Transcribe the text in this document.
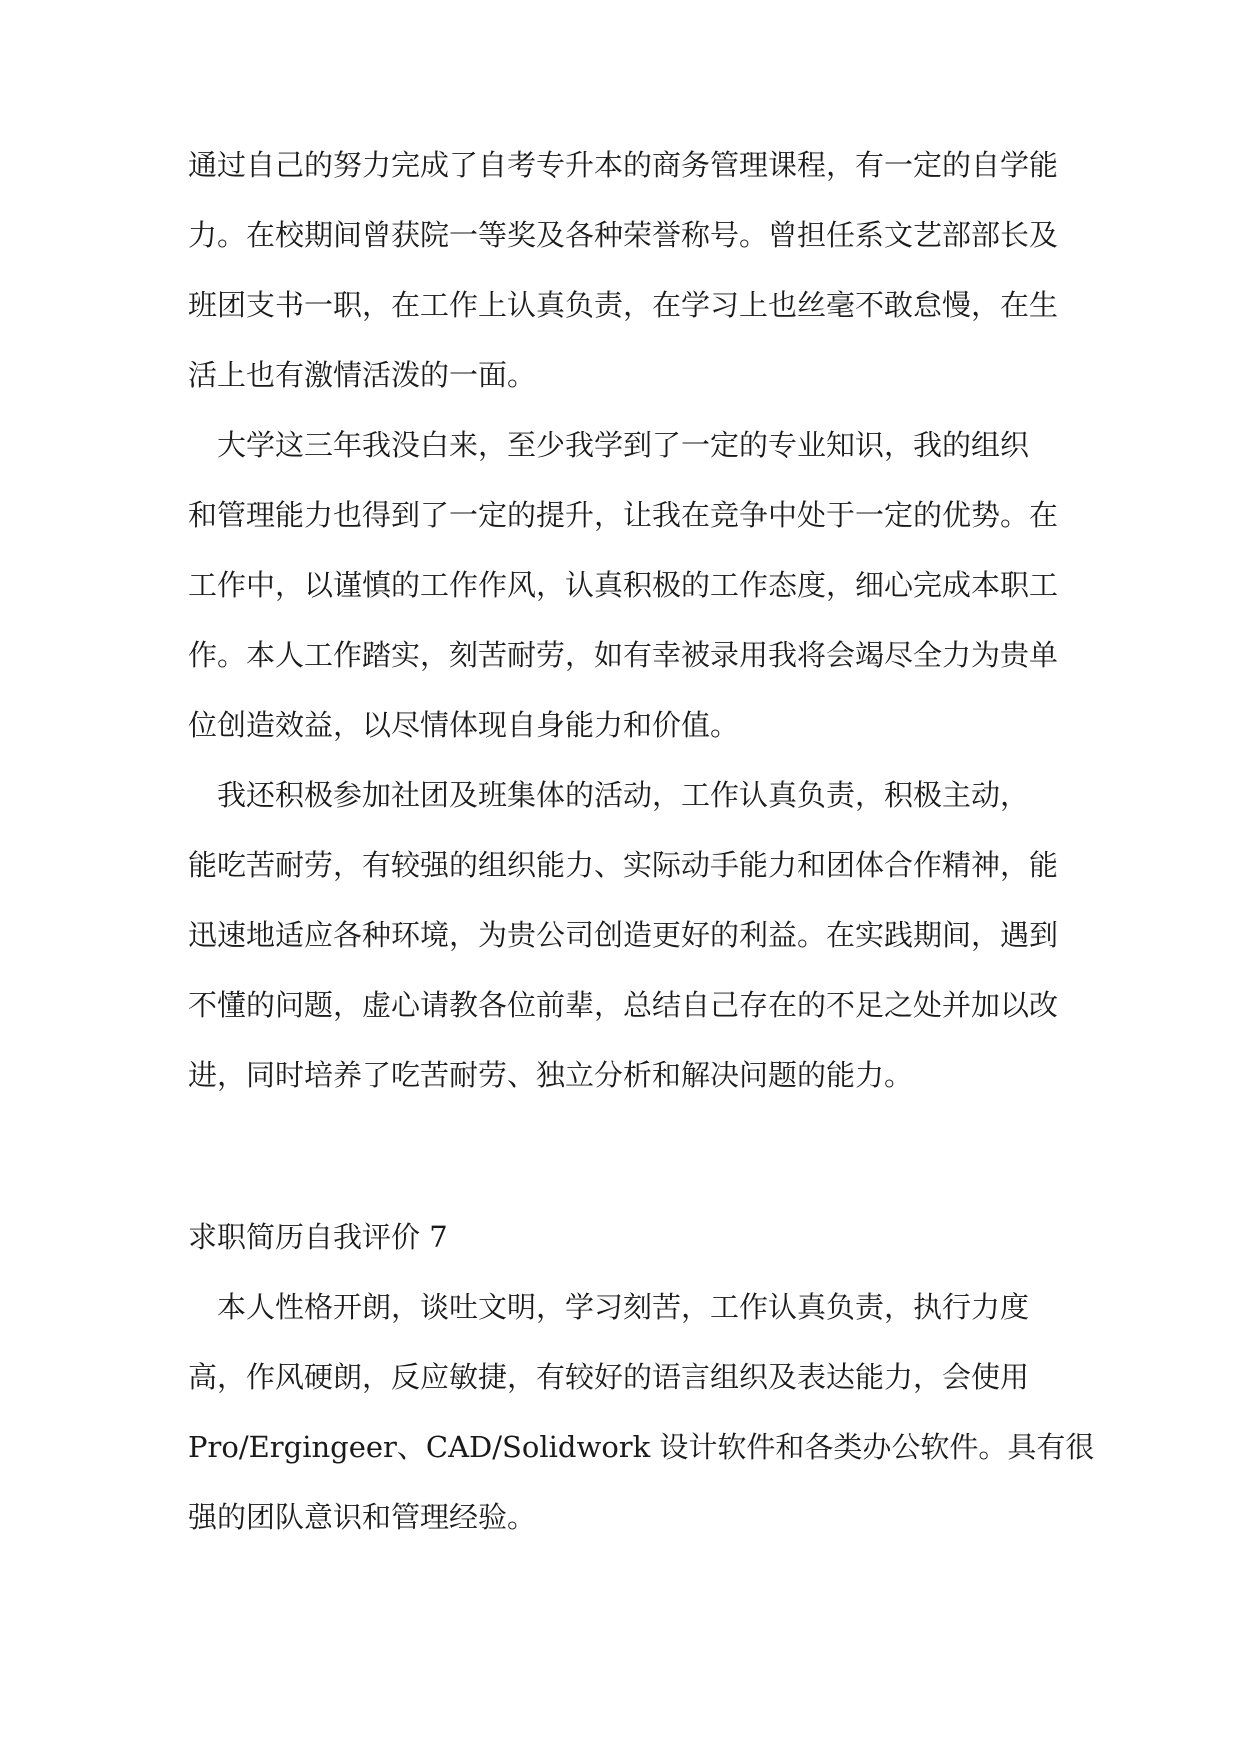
通过自己的努力完成了自考专升本的商务管理课程，有一定的自学能
力。在校期间曾获院一等奖及各种荣誉称号。曾担任系文艺部部长及
班团支书一职，在工作上认真负责，在学习上也丝毫不敢怠慢，在生
活上也有激情活泼的一面。
　大学这三年我没白来，至少我学到了一定的专业知识，我的组织
和管理能力也得到了一定的提升，让我在竞争中处于一定的优势。在
工作中，以谨慎的工作作风，认真积极的工作态度，细心完成本职工
作。本人工作踏实，刻苦耐劳，如有幸被录用我将会竭尽全力为贵单
位创造效益，以尽情体现自身能力和价值。
　我还积极参加社团及班集体的活动，工作认真负责，积极主动，
能吃苦耐劳，有较强的组织能力、实际动手能力和团体合作精神，能
迅速地适应各种环境，为贵公司创造更好的利益。在实践期间，遇到
不懂的问题，虚心请教各位前辈，总结自己存在的不足之处并加以改
进，同时培养了吃苦耐劳、独立分析和解决问题的能力。
求职简历自我评价 7
　本人性格开朗，谈吐文明，学习刻苦，工作认真负责，执行力度
高，作风硬朗，反应敏捷，有较好的语言组织及表达能力，会使用
Pro/Ergingeer、CAD/Solidwork 设计软件和各类办公软件。具有很
强的团队意识和管理经验。
